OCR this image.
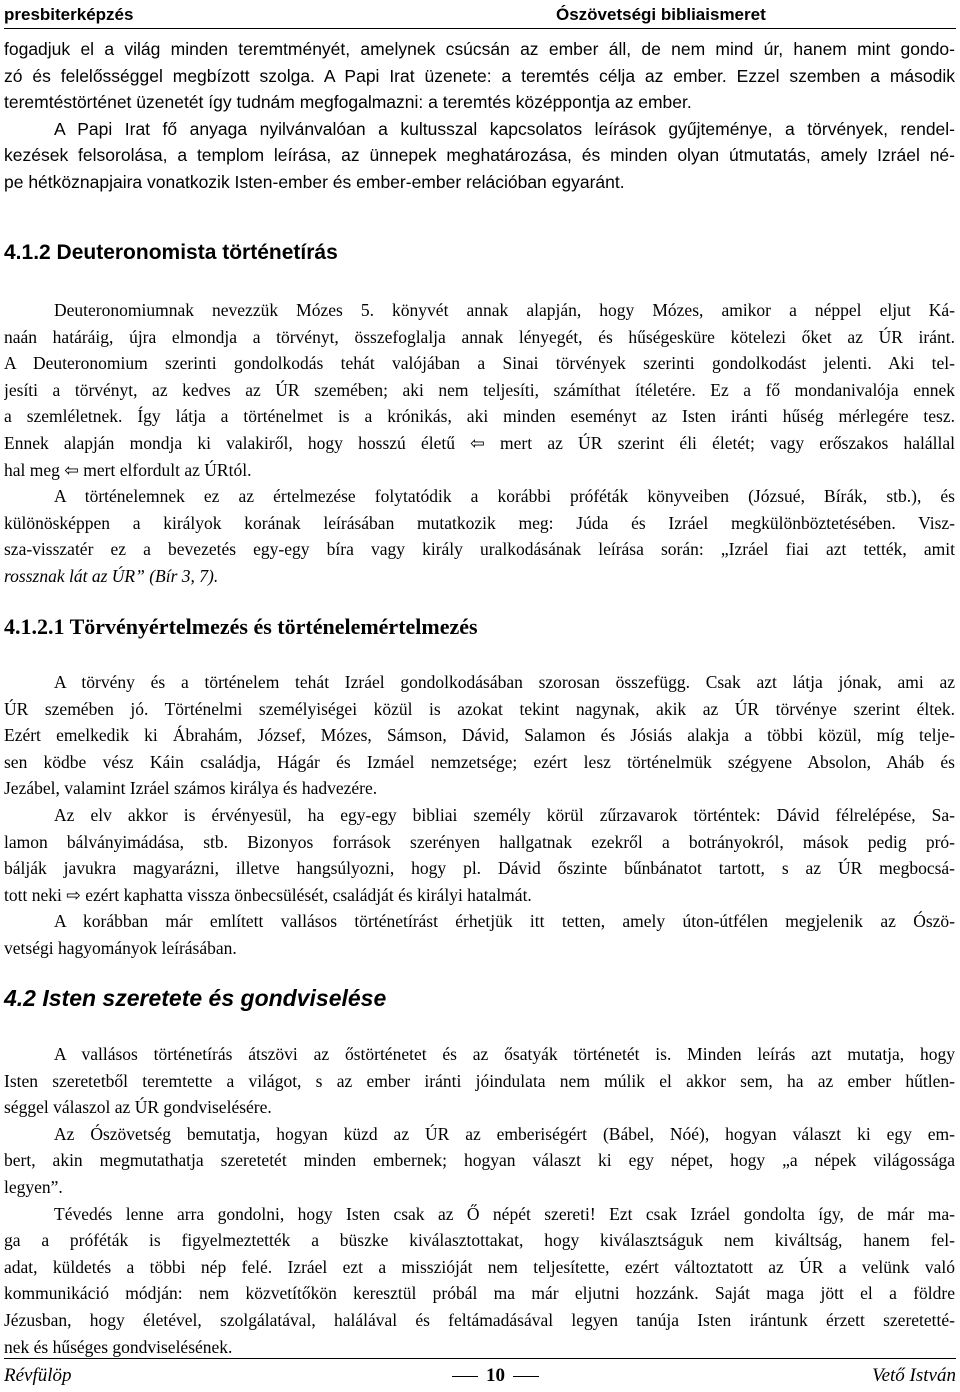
presbiterképzés	Ószövetségi bibliaismeret
fogadjuk el a világ minden teremtményét, amelynek csúcsán az ember áll, de nem mind úr, hanem mint gondo-
zó és felelősséggel megbízott szolga. A Papi Irat üzenete: a teremtés célja az ember. Ezzel szemben a második
teremtéstörténet üzenetét így tudnám megfogalmazni: a teremtés középpontja az ember.
A Papi Irat fő anyaga nyilvánvalóan a kultusszal kapcsolatos leírások gyűjteménye, a törvények, rendel-
kezések felsorolása, a templom leírása, az ünnepek meghatározása, és minden olyan útmutatás, amely Izráel né-
pe hétköznapjaira vonatkozik Isten-ember és ember-ember relációban egyaránt.
4.1.2 Deuteronomista történetírás
Deuteronomiumnak nevezzük Mózes 5. könyvét annak alapján, hogy Mózes, amikor a néppel eljut Ká-
naán határáig, újra elmondja a törvényt, összefoglalja annak lényegét, és hűségesküre kötelezi őket az ÚR iránt.
A Deuteronomium szerinti gondolkodás tehát valójában a Sinai törvények szerinti gondolkodást jelenti. Aki tel-
jesíti a törvényt, az kedves az ÚR szemében; aki nem teljesíti, számíthat ítéletére. Ez a fő mondanivalója ennek
a szemléletnek. Így látja a történelmet is a krónikás, aki minden eseményt az Isten iránti hűség mérlegére tesz.
Ennek alapján mondja ki valakiről, hogy hosszú életű ⇦ mert az ÚR szerint éli életét; vagy erőszakos halállal
hal meg ⇦ mert elfordult az ÚRtól.
A történelemnek ez az értelmezése folytatódik a korábbi próféták könyveiben (Józsué, Bírák, stb.), és
különösképpen a királyok korának leírásában mutatkozik meg: Júda és Izráel megkülönböztetésében. Visz-
sza-visszatér ez a bevezetés egy-egy bíra vagy király uralkodásának leírása során: „Izráel fiai azt tették, amit
rossznak lát az ÚR” (Bír 3, 7).
4.1.2.1 Törvényértelmezés és történelemértelmezés
A törvény és a történelem tehát Izráel gondolkodásában szorosan összefügg. Csak azt látja jónak, ami az
ÚR szemében jó. Történelmi személyiségei közül is azokat tekint nagynak, akik az ÚR törvénye szerint éltek.
Ezért emelkedik ki Ábrahám, József, Mózes, Sámson, Dávid, Salamon és Jósiás alakja a többi közül, míg telje-
sen ködbe vész Káin családja, Hágár és Izmáel nemzetsége; ezért lesz történelmük szégyene Absolon, Aháb és
Jezábel, valamint Izráel számos királya és hadvezére.
Az elv akkor is érvényesül, ha egy-egy bibliai személy körül zűrzavarok történtek: Dávid félrelépése, Sa-
lamon bálványimádása, stb. Bizonyos források szerényen hallgatnak ezekről a botrányokról, mások pedig pró-
bálják javukra magyarázni, illetve hangsúlyozni, hogy pl. Dávid őszinte bűnbánatot tartott, s az ÚR megbocsá-
tott neki ⇨ ezért kaphatta vissza önbecsülését, családját és királyi hatalmát.
A korábban már említett vallásos történetírást érhetjük itt tetten, amely úton-útfélen megjelenik az Ószö-
vetségi hagyományok leírásában.
4.2 Isten szeretete és gondviselése
A vallásos történetírás átszövi az őstörténetet és az ősatyák történetét is. Minden leírás azt mutatja, hogy
Isten szeretetből teremtette a világot, s az ember iránti jóindulata nem múlik el akkor sem, ha az ember hűtlen-
séggel válaszol az ÚR gondviselésére.
Az Ószövetség bemutatja, hogyan küzd az ÚR az emberiségért (Bábel, Nóé), hogyan választ ki egy em-
bert, akin megmutathatja szeretetét minden embernek; hogyan választ ki egy népet, hogy „a népek világossága
legyen”.
Tévedés lenne arra gondolni, hogy Isten csak az Ő népét szereti! Ezt csak Izráel gondolta így, de már ma-
ga a próféták is figyelmeztették a büszke kiválasztottakat, hogy kiválasztságuk nem kiváltság, hanem fel-
adat, küldetés a többi nép felé. Izráel ezt a misszióját nem teljesítette, ezért változtatott az ÚR a velünk való
kommunikáció módján: nem közvetítőkön keresztül próbál ma már eljutni hozzánk. Saját maga jött el a földre
Jézusban, hogy életével, szolgálatával, halálával és feltámadásával legyen tanúja Isten irántunk érzett szeretetté-
nek és hűséges gondviselésének.
Révfülöp	10	Vető István
